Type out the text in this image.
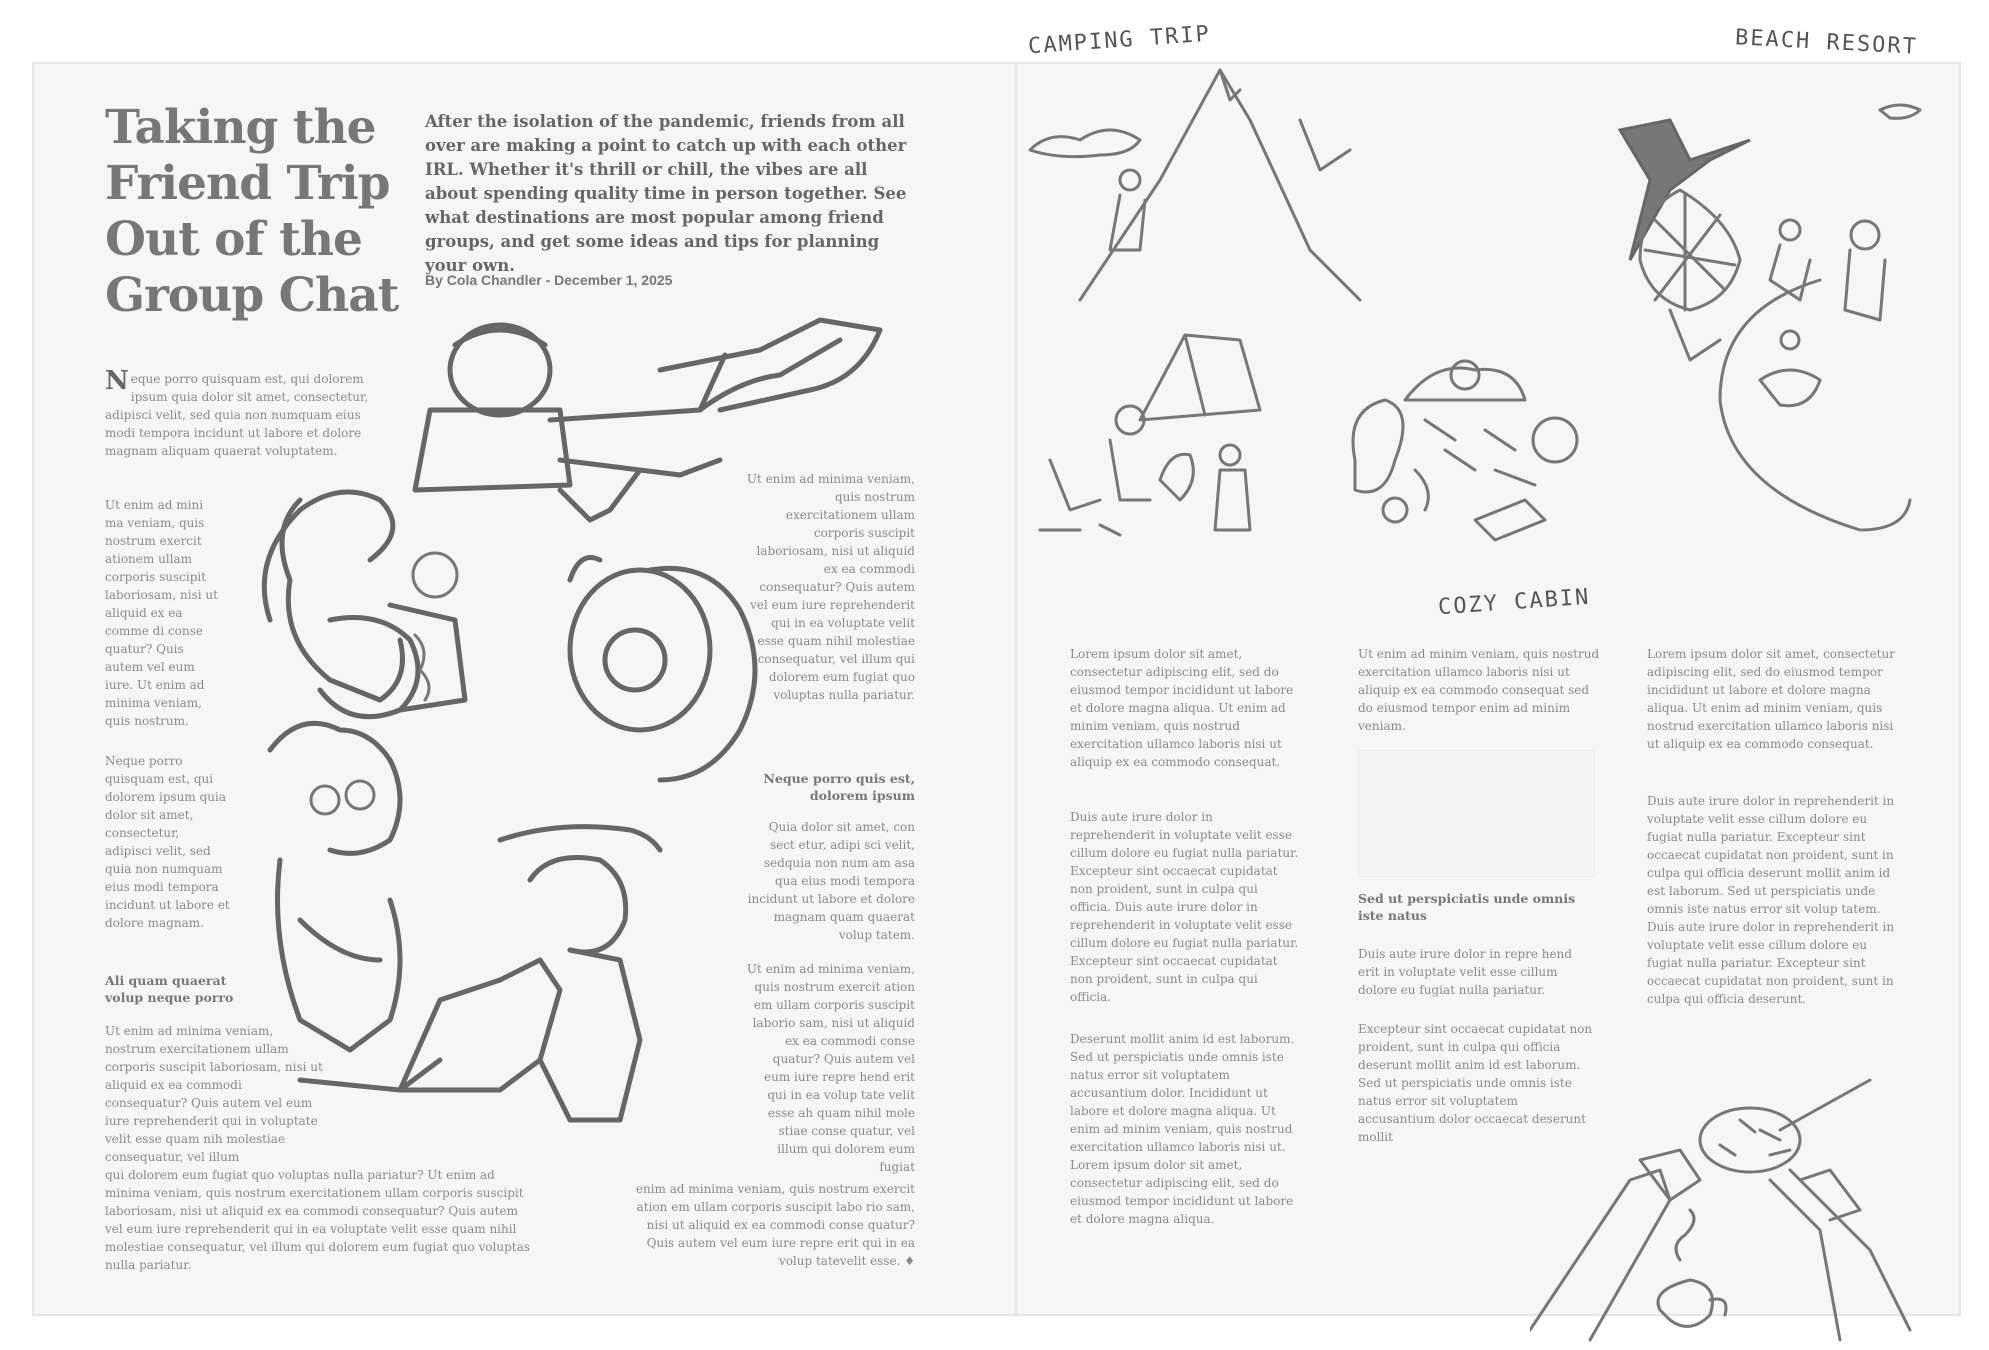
Taking the Friend Trip Out of the Group Chat
After the isolation of the pandemic, friends from all over are making a point to catch up with each other IRL. Whether it's thrill or chill, the vibes are all about spending quality time in person together. See what destinations are most popular among friend groups, and get some ideas and tips for planning your own.
By Cola Chandler - December 1, 2025
Neque porro quisquam est, qui dolorem ipsum quia dolor sit amet, consectetur, adipisci velit, sed quia non numquam eius modi tempora incidunt ut labore et dolore magnam aliquam quaerat voluptatem.
Ut enim ad mini ma veniam, quis nostrum exercit ationem ullam corporis suscipit laboriosam, nisi ut aliquid ex ea comme di conse quatur? Quis autem vel eum iure. Ut enim ad minima veniam, quis nostrum.
Neque porro quisquam est, qui dolorem ipsum quia dolor sit amet, consectetur, adipisci velit, sed quia non numquam eius modi tempora incidunt ut labore et dolore magnam.
Ali quam quaerat volup neque porro
Ut enim ad minima veniam, nostrum exercitationem ullam corporis suscipit laboriosam, nisi ut aliquid ex ea commodi consequatur? Quis autem vel eum iure reprehenderit qui in voluptate velit esse quam nih molestiae consequatur, vel illum
qui dolorem eum fugiat quo voluptas nulla pariatur? Ut enim ad minima veniam, quis nostrum exercitationem ullam corporis suscipit laboriosam, nisi ut aliquid ex ea commodi consequatur? Quis autem vel eum iure reprehenderit qui in ea voluptate velit esse quam nihil molestiae consequatur, vel illum qui dolorem eum fugiat quo voluptas nulla pariatur.
Ut enim ad minima veniam, quis nostrum exercitationem ullam corporis suscipit laboriosam, nisi ut aliquid ex ea commodi consequatur? Quis autem vel eum iure reprehenderit qui in ea voluptate velit esse quam nihil molestiae consequatur, vel illum qui dolorem eum fugiat quo voluptas nulla pariatur.
Neque porro quis est, dolorem ipsum
Quia dolor sit amet, con sect etur, adipi sci velit, sedquia non num am asa qua eius modi tempora incidunt ut labore et dolore magnam quam quaerat volup tatem.
Ut enim ad minima veniam, quis nostrum exercit ation em ullam corporis suscipit laborio sam, nisi ut aliquid ex ea commodi conse quatur? Quis autem vel eum iure repre hend erit qui in ea volup tate velit esse ah quam nihil mole stiae conse quatur, vel illum qui dolorem eum fugiat
enim ad minima veniam, quis nostrum exercit ation em ullam corporis suscipit labo rio sam, nisi ut aliquid ex ea commodi conse quatur? Quis autem vel eum iure repre erit qui in ea volup tatevelit esse. ♦
Lorem ipsum dolor sit amet, consectetur adipiscing elit, sed do eiusmod tempor incididunt ut labore et dolore magna aliqua. Ut enim ad minim veniam, quis nostrud exercitation ullamco laboris nisi ut aliquip ex ea commodo consequat.
Duis aute irure dolor in reprehenderit in voluptate velit esse cillum dolore eu fugiat nulla pariatur. Excepteur sint occaecat cupidatat non proident, sunt in culpa qui officia. Duis aute irure dolor in reprehenderit in voluptate velit esse cillum dolore eu fugiat nulla pariatur. Excepteur sint occaecat cupidatat non proident, sunt in culpa qui officia.
Deserunt mollit anim id est laborum. Sed ut perspiciatis unde omnis iste natus error sit voluptatem accusantium dolor. Incididunt ut labore et dolore magna aliqua. Ut enim ad minim veniam, quis nostrud exercitation ullamco laboris nisi ut. Lorem ipsum dolor sit amet, consectetur adipiscing elit, sed do eiusmod tempor incididunt ut labore et dolore magna aliqua.
Ut enim ad minim veniam, quis nostrud exercitation ullamco laboris nisi ut aliquip ex ea commodo consequat sed do eiusmod tempor enim ad minim veniam.
Sed ut perspiciatis unde omnis iste natus
Duis aute irure dolor in repre hend erit in voluptate velit esse cillum dolore eu fugiat nulla pariatur.
Excepteur sint occaecat cupidatat non proident, sunt in culpa qui officia deserunt mollit anim id est laborum. Sed ut perspiciatis unde omnis iste natus error sit voluptatem accusantium dolor occaecat deserunt mollit
Lorem ipsum dolor sit amet, consectetur adipiscing elit, sed do eiusmod tempor incididunt ut labore et dolore magna aliqua. Ut enim ad minim veniam, quis nostrud exercitation ullamco laboris nisi ut aliquip ex ea commodo consequat.
Duis aute irure dolor in reprehenderit in voluptate velit esse cillum dolore eu fugiat nulla pariatur. Excepteur sint occaecat cupidatat non proident, sunt in culpa qui officia deserunt mollit anim id est laborum. Sed ut perspiciatis unde omnis iste natus error sit volup tatem. Duis aute irure dolor in reprehenderit in voluptate velit esse cillum dolore eu fugiat nulla pariatur. Excepteur sint occaecat cupidatat non proident, sunt in culpa qui officia deserunt.
CAMPING TRIP	BEACH RESORT
COZY CABIN
